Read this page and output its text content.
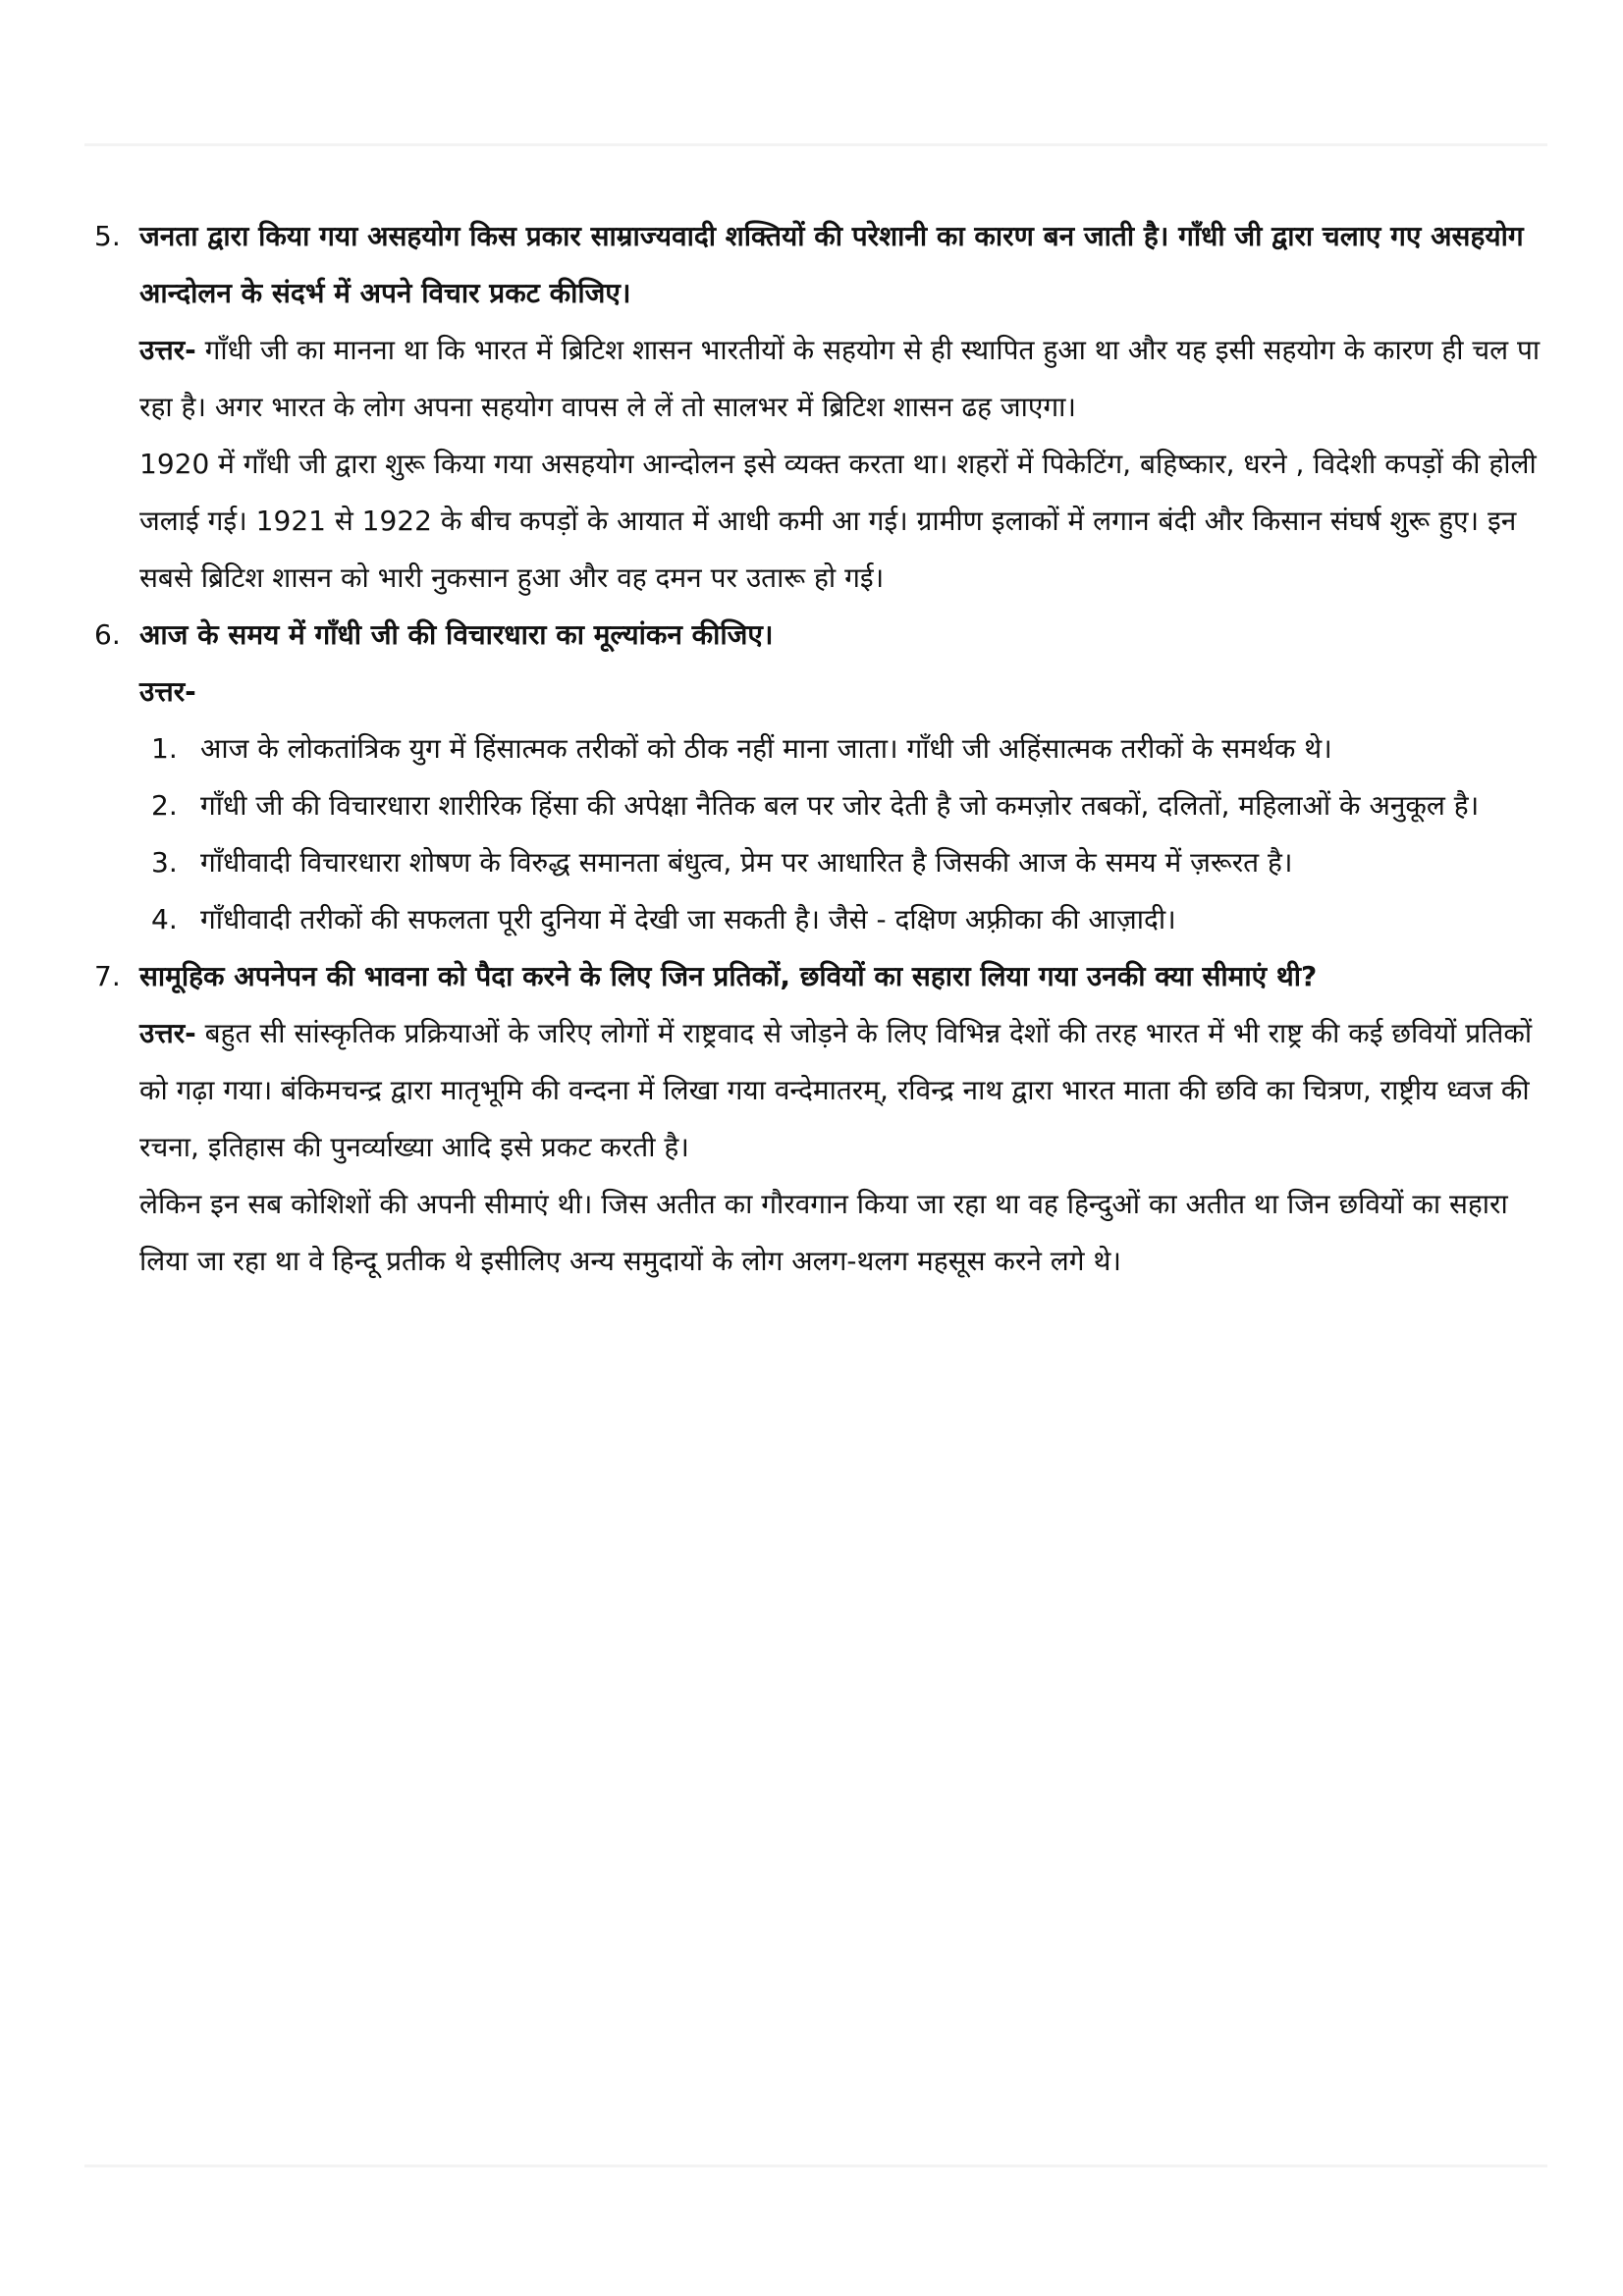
5. जनता द्वारा किया गया असहयोग किस प्रकार साम्राज्यवादी शक्तियों की परेशानी का कारण बन जाती है। गाँधी जी द्वारा चलाए गए असहयोग आन्दोलन के संदर्भ में अपने विचार प्रकट कीजिए।

उत्तर- गाँधी जी का मानना था कि भारत में ब्रिटिश शासन भारतीयों के सहयोग से ही स्थापित हुआ था और यह इसी सहयोग के कारण ही चल पा रहा है। अगर भारत के लोग अपना सहयोग वापस ले लें तो सालभर में ब्रिटिश शासन ढह जाएगा।

1920 में गाँधी जी द्वारा शुरू किया गया असहयोग आन्दोलन इसे व्यक्त करता था। शहरों में पिकेटिंग, बहिष्कार, धरने , विदेशी कपड़ों की होली जलाई गई। 1921 से 1922 के बीच कपड़ों के आयात में आधी कमी आ गई। ग्रामीण इलाकों में लगान बंदी और किसान संघर्ष शुरू हुए। इन सबसे ब्रिटिश शासन को भारी नुकसान हुआ और वह दमन पर उतारू हो गई।

6. आज के समय में गाँधी जी की विचारधारा का मूल्यांकन कीजिए।

उत्तर-

1. आज के लोकतांत्रिक युग में हिंसात्मक तरीकों को ठीक नहीं माना जाता। गाँधी जी अहिंसात्मक तरीकों के समर्थक थे।

2. गाँधी जी की विचारधारा शारीरिक हिंसा की अपेक्षा नैतिक बल पर जोर देती है जो कमज़ोर तबकों, दलितों, महिलाओं के अनुकूल है।

3. गाँधीवादी विचारधारा शोषण के विरुद्ध समानता बंधुत्व, प्रेम पर आधारित है जिसकी आज के समय में ज़रूरत है।

4. गाँधीवादी तरीकों की सफलता पूरी दुनिया में देखी जा सकती है। जैसे - दक्षिण अफ़्रीका की आज़ादी।

7. सामूहिक अपनेपन की भावना को पैदा करने के लिए जिन प्रतिकों, छवियों का सहारा लिया गया उनकी क्या सीमाएं थी?

उत्तर- बहुत सी सांस्कृतिक प्रक्रियाओं के जरिए लोगों में राष्ट्रवाद से जोड़ने के लिए विभिन्न देशों की तरह भारत में भी राष्ट्र की कई छवियों प्रतिकों को गढ़ा गया। बंकिमचन्द्र द्वारा मातृभूमि की वन्दना में लिखा गया वन्देमातरम्, रविन्द्र नाथ द्वारा भारत माता की छवि का चित्रण, राष्ट्रीय ध्वज की रचना, इतिहास की पुनर्व्याख्या आदि इसे प्रकट करती है।

लेकिन इन सब कोशिशों की अपनी सीमाएं थी। जिस अतीत का गौरवगान किया जा रहा था वह हिन्दुओं का अतीत था जिन छवियों का सहारा लिया जा रहा था वे हिन्दू प्रतीक थे इसीलिए अन्य समुदायों के लोग अलग-थलग महसूस करने लगे थे।
